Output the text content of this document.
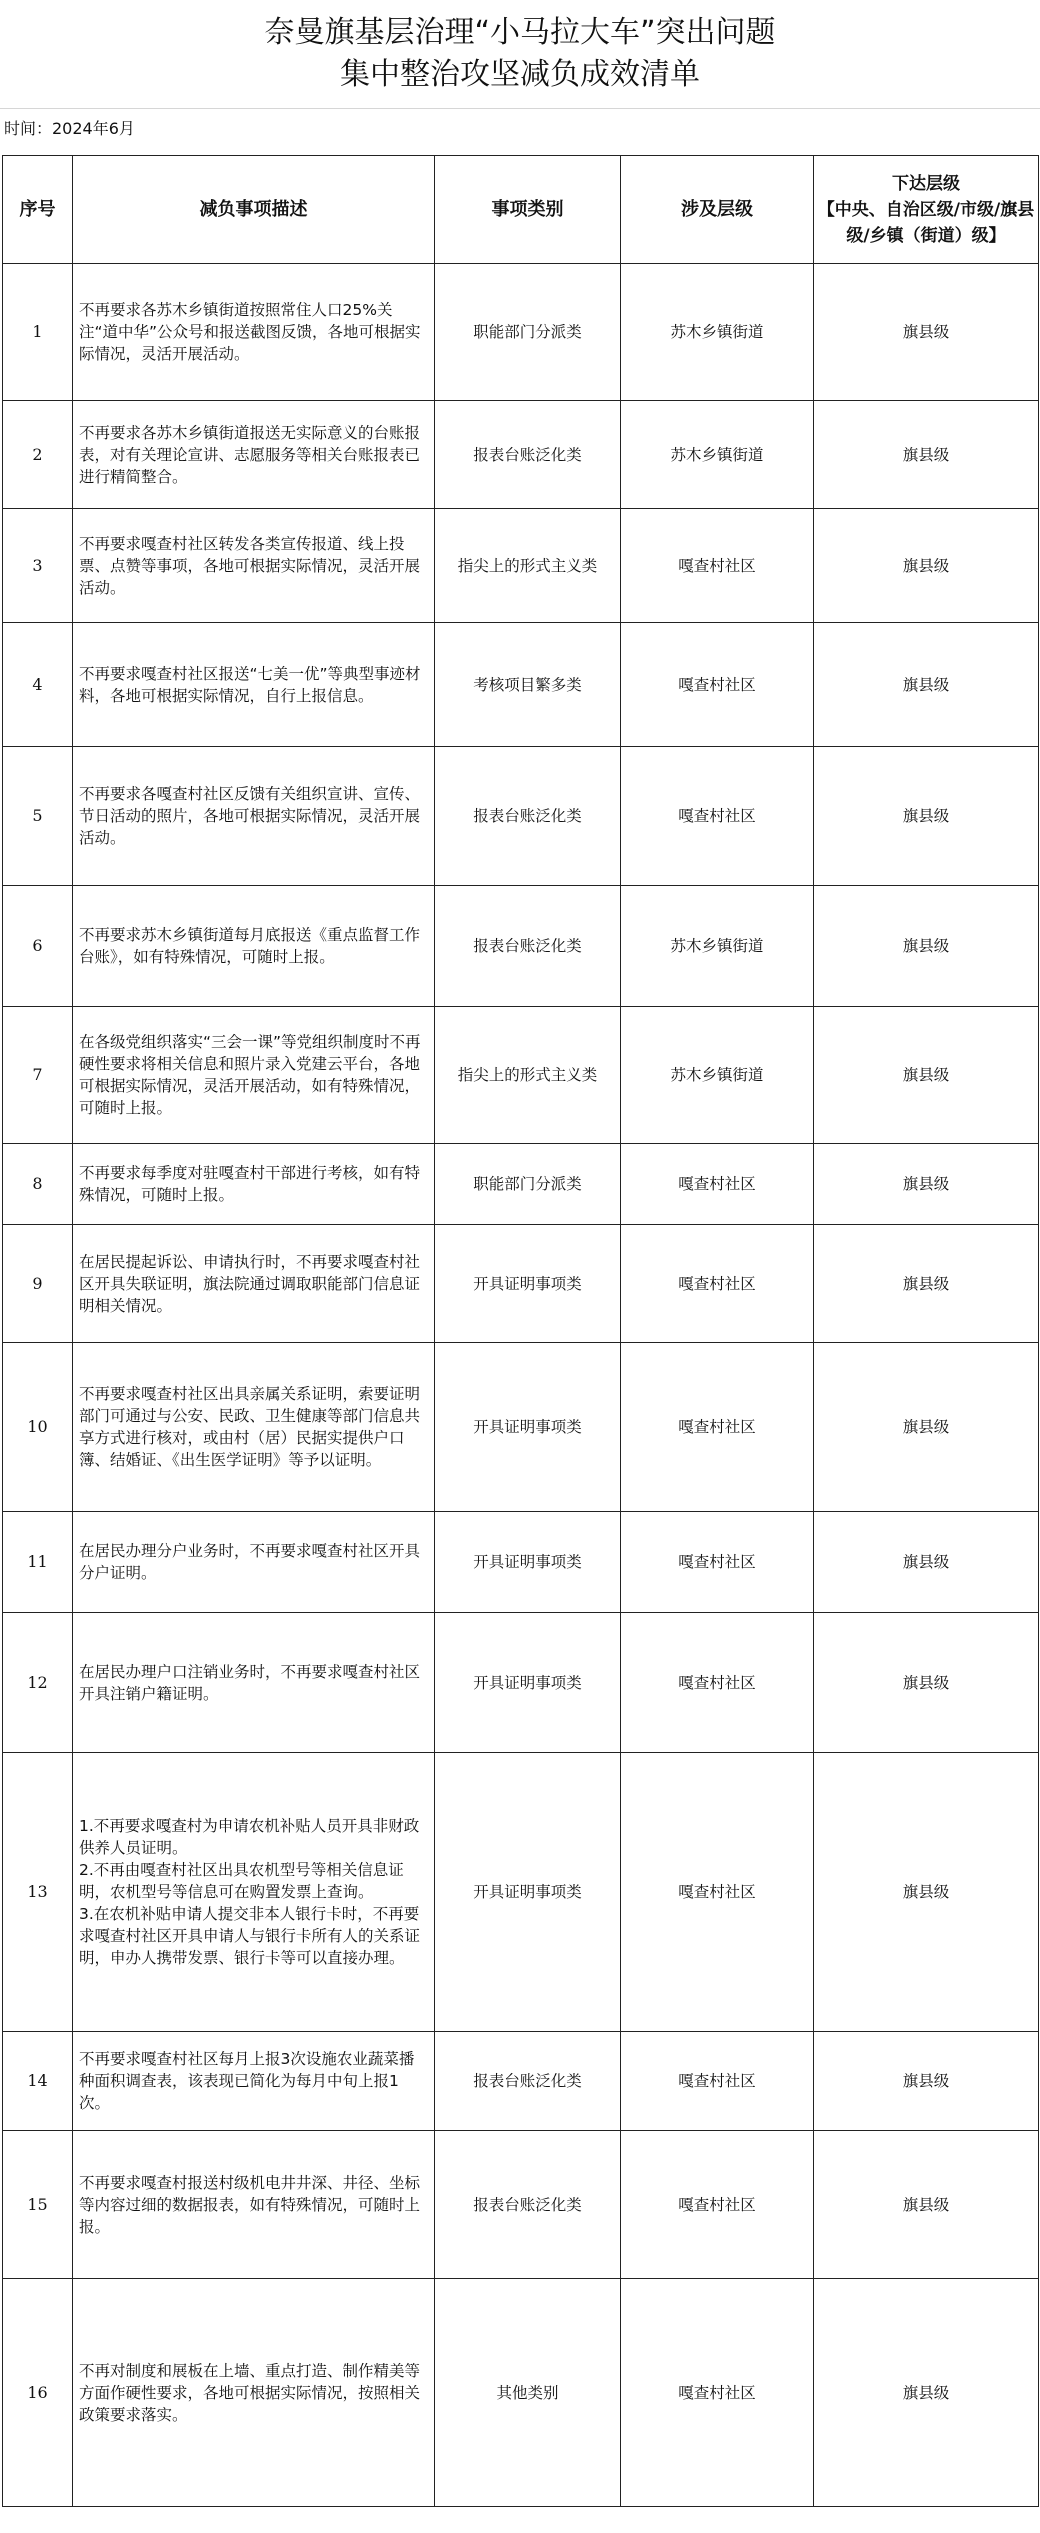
奈曼旗基层治理“小马拉大车”突出问题
集中整治攻坚减负成效清单
时间：2024年6月
序号	减负事项描述	事项类别	涉及层级	下达层级
【中央、自治区级/市级/旗县级/乡镇（街道）级】
1	不再要求各苏木乡镇街道按照常住人口25%关注“道中华”公众号和报送截图反馈，各地可根据实际情况，灵活开展活动。	职能部门分派类	苏木乡镇街道	旗县级
2	不再要求各苏木乡镇街道报送无实际意义的台账报表，对有关理论宣讲、志愿服务等相关台账报表已进行精简整合。	报表台账泛化类	苏木乡镇街道	旗县级
3	不再要求嘎查村社区转发各类宣传报道、线上投票、点赞等事项，各地可根据实际情况，灵活开展活动。	指尖上的形式主义类	嘎查村社区	旗县级
4	不再要求嘎查村社区报送“七美一优”等典型事迹材料，各地可根据实际情况，自行上报信息。	考核项目繁多类	嘎查村社区	旗县级
5	不再要求各嘎查村社区反馈有关组织宣讲、宣传、节日活动的照片，各地可根据实际情况，灵活开展活动。	报表台账泛化类	嘎查村社区	旗县级
6	不再要求苏木乡镇街道每月底报送《重点监督工作台账》，如有特殊情况，可随时上报。	报表台账泛化类	苏木乡镇街道	旗县级
7	在各级党组织落实“三会一课”等党组织制度时不再硬性要求将相关信息和照片录入党建云平台，各地可根据实际情况，灵活开展活动，如有特殊情况，可随时上报。	指尖上的形式主义类	苏木乡镇街道	旗县级
8	不再要求每季度对驻嘎查村干部进行考核，如有特殊情况，可随时上报。	职能部门分派类	嘎查村社区	旗县级
9	在居民提起诉讼、申请执行时，不再要求嘎查村社区开具失联证明，旗法院通过调取职能部门信息证明相关情况。	开具证明事项类	嘎查村社区	旗县级
10	不再要求嘎查村社区出具亲属关系证明，索要证明部门可通过与公安、民政、卫生健康等部门信息共享方式进行核对，或由村（居）民据实提供户口簿、结婚证、《出生医学证明》等予以证明。	开具证明事项类	嘎查村社区	旗县级
11	在居民办理分户业务时，不再要求嘎查村社区开具分户证明。	开具证明事项类	嘎查村社区	旗县级
12	在居民办理户口注销业务时，不再要求嘎查村社区开具注销户籍证明。	开具证明事项类	嘎查村社区	旗县级
13	1.不再要求嘎查村为申请农机补贴人员开具非财政供养人员证明。
2.不再由嘎查村社区出具农机型号等相关信息证明，农机型号等信息可在购置发票上查询。
3.在农机补贴申请人提交非本人银行卡时，不再要求嘎查村社区开具申请人与银行卡所有人的关系证明，申办人携带发票、银行卡等可以直接办理。	开具证明事项类	嘎查村社区	旗县级
14	不再要求嘎查村社区每月上报3次设施农业蔬菜播种面积调查表，该表现已简化为每月中旬上报1次。	报表台账泛化类	嘎查村社区	旗县级
15	不再要求嘎查村报送村级机电井井深、井径、坐标等内容过细的数据报表，如有特殊情况，可随时上报。	报表台账泛化类	嘎查村社区	旗县级
16	不再对制度和展板在上墙、重点打造、制作精美等方面作硬性要求，各地可根据实际情况，按照相关政策要求落实。	其他类别	嘎查村社区	旗县级
